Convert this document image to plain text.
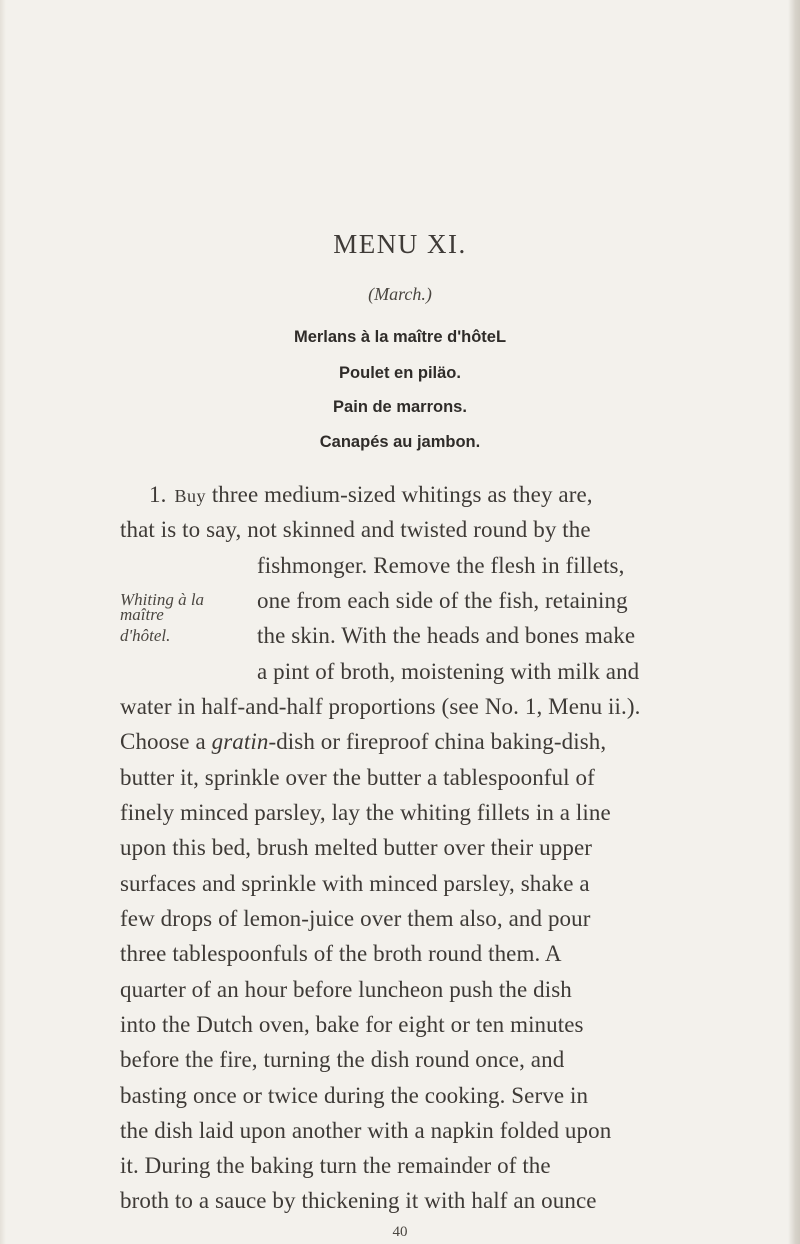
MENU XI.
(March.)
Merlans à la maître d'hôteL
Poulet en piläo.
Pain de marrons.
Canapés au jambon.
1. Buy three medium-sized whitings as they are,
that is to say, not skinned and twisted round by the
fishmonger. Remove the flesh in fillets,
one from each side of the fish, retaining
the skin. With the heads and bones make
a pint of broth, moistening with milk and
water in half-and-half proportions (see No. 1, Menu ii.).
Choose a gratin-dish or fireproof china baking-dish,
butter it, sprinkle over the butter a tablespoonful of
finely minced parsley, lay the whiting fillets in a line
upon this bed, brush melted butter over their upper
surfaces and sprinkle with minced parsley, shake a
few drops of lemon-juice over them also, and pour
three tablespoonfuls of the broth round them. A
quarter of an hour before luncheon push the dish
into the Dutch oven, bake for eight or ten minutes
before the fire, turning the dish round once, and
basting once or twice during the cooking. Serve in
the dish laid upon another with a napkin folded upon
it. During the baking turn the remainder of the
broth to a sauce by thickening it with half an ounce
Whiting à la
maître
d'hôtel.
40
